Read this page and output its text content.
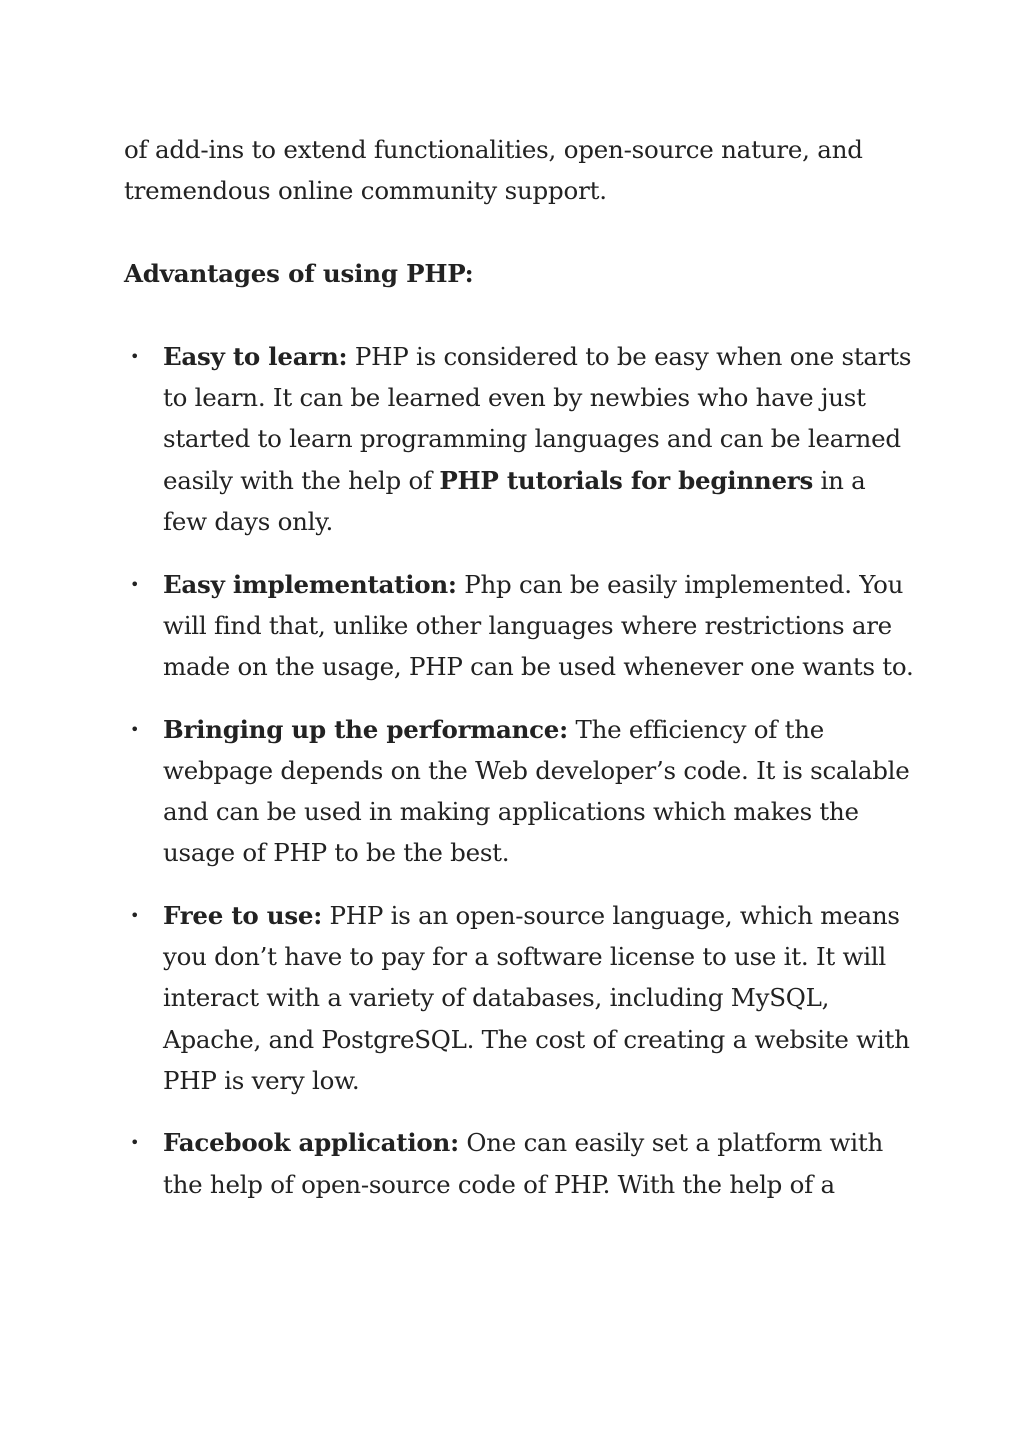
of add-ins to extend functionalities, open-source nature, and
tremendous online community support.

Advantages of using PHP:

• Easy to learn: PHP is considered to be easy when one starts to learn. It can be learned even by newbies who have just started to learn programming languages and can be learned easily with the help of PHP tutorials for beginners in a few days only.
• Easy implementation: Php can be easily implemented. You will find that, unlike other languages where restrictions are made on the usage, PHP can be used whenever one wants to.
• Bringing up the performance: The efficiency of the webpage depends on the Web developer’s code. It is scalable and can be used in making applications which makes the usage of PHP to be the best.
• Free to use: PHP is an open-source language, which means you don’t have to pay for a software license to use it. It will interact with a variety of databases, including MySQL, Apache, and PostgreSQL. The cost of creating a website with PHP is very low.
• Facebook application: One can easily set a platform with the help of open-source code of PHP. With the help of a
